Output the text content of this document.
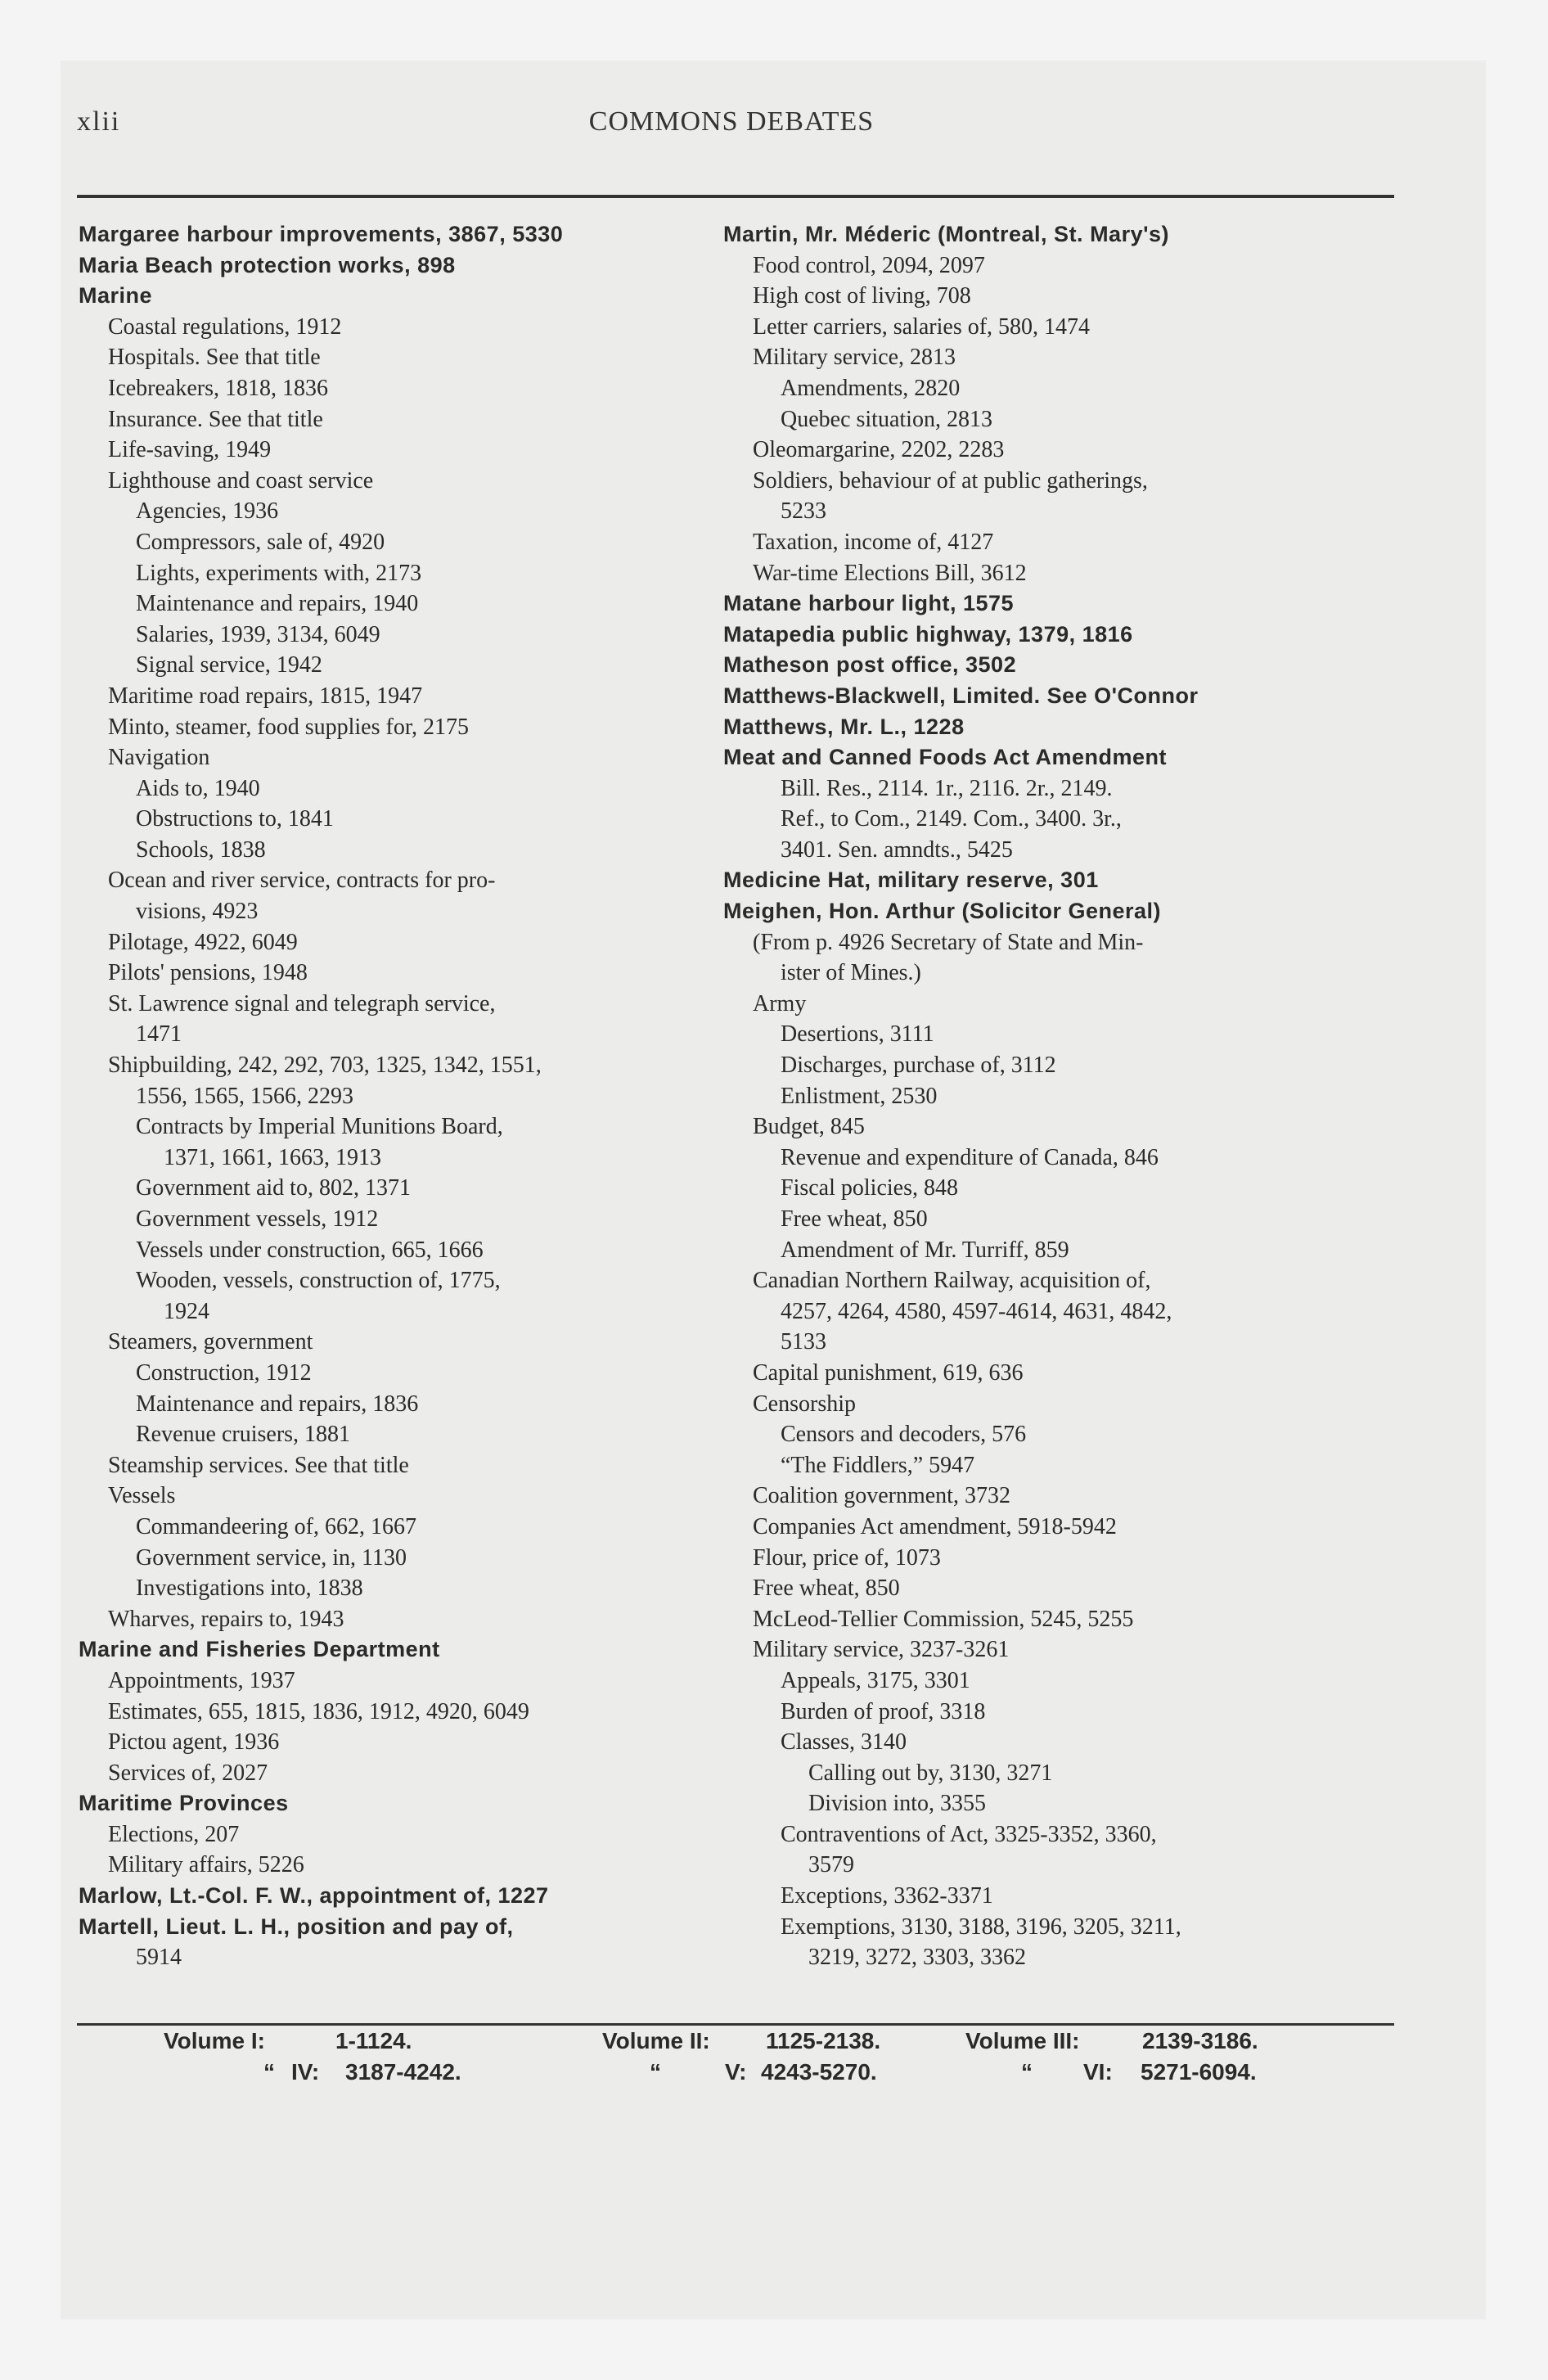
xlii	COMMONS DEBATES
Margaree harbour improvements, 3867, 5330
Maria Beach protection works, 898
Marine
Coastal regulations, 1912
Hospitals. See that title
Icebreakers, 1818, 1836
Insurance. See that title
Life-saving, 1949
Lighthouse and coast service
Agencies, 1936
Compressors, sale of, 4920
Lights, experiments with, 2173
Maintenance and repairs, 1940
Salaries, 1939, 3134, 6049
Signal service, 1942
Maritime road repairs, 1815, 1947
Minto, steamer, food supplies for, 2175
Navigation
Aids to, 1940
Obstructions to, 1841
Schools, 1838
Ocean and river service, contracts for pro-
visions, 4923
Pilotage, 4922, 6049
Pilots' pensions, 1948
St. Lawrence signal and telegraph service,
1471
Shipbuilding, 242, 292, 703, 1325, 1342, 1551,
1556, 1565, 1566, 2293
Contracts by Imperial Munitions Board,
1371, 1661, 1663, 1913
Government aid to, 802, 1371
Government vessels, 1912
Vessels under construction, 665, 1666
Wooden, vessels, construction of, 1775,
1924
Steamers, government
Construction, 1912
Maintenance and repairs, 1836
Revenue cruisers, 1881
Steamship services. See that title
Vessels
Commandeering of, 662, 1667
Government service, in, 1130
Investigations into, 1838
Wharves, repairs to, 1943
Marine and Fisheries Department
Appointments, 1937
Estimates, 655, 1815, 1836, 1912, 4920, 6049
Pictou agent, 1936
Services of, 2027
Maritime Provinces
Elections, 207
Military affairs, 5226
Marlow, Lt.-Col. F. W., appointment of, 1227
Martell, Lieut. L. H., position and pay of,
5914
Martin, Mr. Méderic (Montreal, St. Mary's)
Food control, 2094, 2097
High cost of living, 708
Letter carriers, salaries of, 580, 1474
Military service, 2813
Amendments, 2820
Quebec situation, 2813
Oleomargarine, 2202, 2283
Soldiers, behaviour of at public gatherings,
5233
Taxation, income of, 4127
War-time Elections Bill, 3612
Matane harbour light, 1575
Matapedia public highway, 1379, 1816
Matheson post office, 3502
Matthews-Blackwell, Limited. See O'Connor
Matthews, Mr. L., 1228
Meat and Canned Foods Act Amendment
Bill. Res., 2114. 1r., 2116. 2r., 2149.
Ref., to Com., 2149. Com., 3400. 3r.,
3401. Sen. amndts., 5425
Medicine Hat, military reserve, 301
Meighen, Hon. Arthur (Solicitor General)
(From p. 4926 Secretary of State and Min-
ister of Mines.)
Army
Desertions, 3111
Discharges, purchase of, 3112
Enlistment, 2530
Budget, 845
Revenue and expenditure of Canada, 846
Fiscal policies, 848
Free wheat, 850
Amendment of Mr. Turriff, 859
Canadian Northern Railway, acquisition of,
4257, 4264, 4580, 4597-4614, 4631, 4842,
5133
Capital punishment, 619, 636
Censorship
Censors and decoders, 576
“The Fiddlers,” 5947
Coalition government, 3732
Companies Act amendment, 5918-5942
Flour, price of, 1073
Free wheat, 850
McLeod-Tellier Commission, 5245, 5255
Military service, 3237-3261
Appeals, 3175, 3301
Burden of proof, 3318
Classes, 3140
Calling out by, 3130, 3271
Division into, 3355
Contraventions of Act, 3325-3352, 3360,
3579
Exceptions, 3362-3371
Exemptions, 3130, 3188, 3196, 3205, 3211,
3219, 3272, 3303, 3362
Volume I:	1-1124.	Volume II: 1125-2138.	Volume III:	2139-3186.
“ IV: 3187-4242.	“	V: 4243-5270.	“ VI: 5271-6094.
